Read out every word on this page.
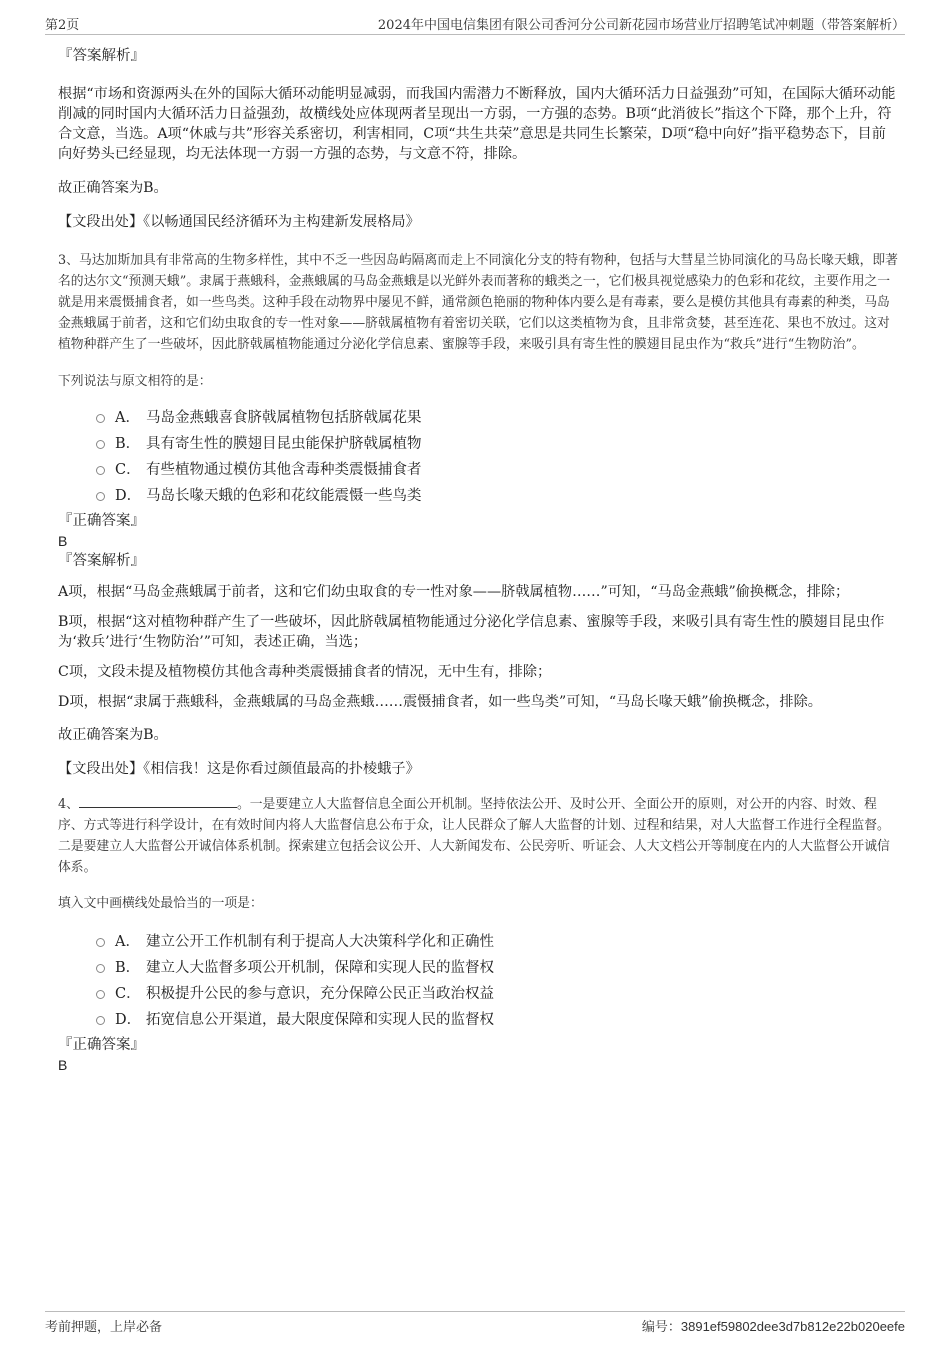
第2页	2024年中国电信集团有限公司香河分公司新花园市场营业厅招聘笔试冲刺题（带答案解析）

『答案解析』

根据“市场和资源两头在外的国际大循环动能明显减弱，而我国内需潜力不断释放，国内大循环活力日益强劲”可知，在国际大循环动能削减的同时国内大循环活力日益强劲，故横线处应体现两者呈现出一方弱，一方强的态势。B项“此消彼长”指这个下降，那个上升，符合文意，当选。A项“休戚与共”形容关系密切，利害相同，C项“共生共荣”意思是共同生长繁荣，D项“稳中向好”指平稳势态下，目前向好势头已经显现，均无法体现一方弱一方强的态势，与文意不符，排除。

故正确答案为B。

【文段出处】《以畅通国民经济循环为主构建新发展格局》

3、马达加斯加具有非常高的生物多样性，其中不乏一些因岛屿隔离而走上不同演化分支的特有物种，包括与大彗星兰协同演化的马岛长喙天蛾，即著名的达尔文“预测天蛾”。隶属于燕蛾科，金燕蛾属的马岛金燕蛾是以光鲜外表而著称的蛾类之一，它们极具视觉感染力的色彩和花纹，主要作用之一就是用来震慑捕食者，如一些鸟类。这种手段在动物界中屡见不鲜，通常颜色艳丽的物种体内要么是有毒素，要么是模仿其他具有毒素的种类，马岛金燕蛾属于前者，这和它们幼虫取食的专一性对象——脐戟属植物有着密切关联，它们以这类植物为食，且非常贪婪，甚至连花、果也不放过。这对植物种群产生了一些破坏，因此脐戟属植物能通过分泌化学信息素、蜜腺等手段，来吸引具有寄生性的膜翅目昆虫作为“救兵”进行“生物防治”。

下列说法与原文相符的是：

A． 马岛金燕蛾喜食脐戟属植物包括脐戟属花果
B． 具有寄生性的膜翅目昆虫能保护脐戟属植物
C． 有些植物通过模仿其他含毒种类震慑捕食者
D． 马岛长喙天蛾的色彩和花纹能震慑一些鸟类

『正确答案』

B

『答案解析』

A项，根据“马岛金燕蛾属于前者，这和它们幼虫取食的专一性对象——脐戟属植物……”可知，“马岛金燕蛾”偷换概念，排除；

B项，根据“这对植物种群产生了一些破坏，因此脐戟属植物能通过分泌化学信息素、蜜腺等手段，来吸引具有寄生性的膜翅目昆虫作为‘救兵’进行‘生物防治’”可知，表述正确，当选；

C项，文段未提及植物模仿其他含毒种类震慑捕食者的情况，无中生有，排除；

D项，根据“隶属于燕蛾科，金燕蛾属的马岛金燕蛾……震慑捕食者，如一些鸟类”可知，“马岛长喙天蛾”偷换概念，排除。

故正确答案为B。

【文段出处】《相信我！这是你看过颜值最高的扑棱蛾子》

4、	。一是要建立人大监督信息全面公开机制。坚持依法公开、及时公开、全面公开的原则，对公开的内容、时效、程序、方式等进行科学设计，在有效时间内将人大监督信息公布于众，让人民群众了解人大监督的计划、过程和结果，对人大监督工作进行全程监督。二是要建立人大监督公开诚信体系机制。探索建立包括会议公开、人大新闻发布、公民旁听、听证会、人大文档公开等制度在内的人大监督公开诚信体系。

填入文中画横线处最恰当的一项是：

A． 建立公开工作机制有利于提高人大决策科学化和正确性
B． 建立人大监督多项公开机制，保障和实现人民的监督权
C． 积极提升公民的参与意识，充分保障公民正当政治权益
D． 拓宽信息公开渠道，最大限度保障和实现人民的监督权

『正确答案』

B

考前押题，上岸必备	编号：3891ef59802dee3d7b812e22b020eefe
